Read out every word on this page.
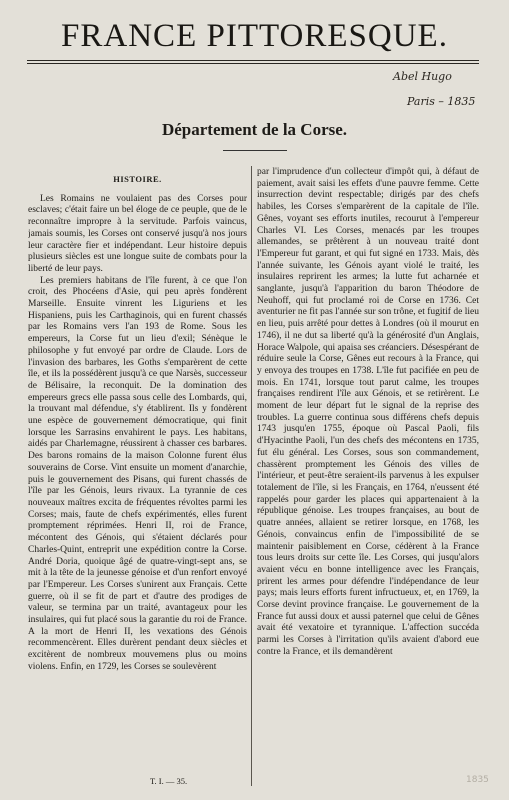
FRANCE PITTORESQUE.
Abel Hugo
Paris – 1835
Département de la Corse.
HISTOIRE.

Les Romains ne voulaient pas des Corses pour esclaves; c'était faire un bel éloge de ce peuple, que de le reconnaître impropre à la servitude. Parfois vaincus, jamais soumis, les Corses ont conservé jusqu'à nos jours leur caractère fier et indépendant. Leur histoire depuis plusieurs siècles est une longue suite de combats pour la liberté de leur pays.

Les premiers habitans de l'île furent, à ce que l'on croit, des Phocéens d'Asie, qui peu après fondèrent Marseille. Ensuite vinrent les Liguriens et les Hispaniens, puis les Carthaginois, qui en furent chassés par les Romains vers l'an 193 de Rome. Sous les empereurs, la Corse fut un lieu d'exil; Sénèque le philosophe y fut envoyé par ordre de Claude. Lors de l'invasion des barbares, les Goths s'emparèrent de cette île, et ils la possédèrent jusqu'à ce que Narsès, successeur de Bélisaire, la reconquit. De la domination des empereurs grecs elle passa sous celle des Lombards, qui, la trouvant mal défendue, s'y établirent. Ils y fondèrent une espèce de gouvernement démocratique, qui finit lorsque les Sarrasins envahirent le pays. Les habitans, aidés par Charlemagne, réussirent à chasser ces barbares. Des barons romains de la maison Colonne furent élus souverains de Corse. Vint ensuite un moment d'anarchie, puis le gouvernement des Pisans, qui furent chassés de l'île par les Génois, leurs rivaux. La tyrannie de ces nouveaux maîtres excita de fréquentes révoltes parmi les Corses; mais, faute de chefs expérimentés, elles furent promptement réprimées. Henri II, roi de France, mécontent des Génois, qui s'étaient déclarés pour Charles-Quint, entreprit une expédition contre la Corse. André Doria, quoique âgé de quatre-vingt-sept ans, se mit à la tête de la jeunesse génoise et d'un renfort envoyé par l'Empereur. Les Corses s'unirent aux Français. Cette guerre, où il se fit de part et d'autre des prodiges de valeur, se termina par un traité, avantageux pour les insulaires, qui fut placé sous la garantie du roi de France. A la mort de Henri II, les vexations des Génois recommencèrent. Elles durèrent pendant deux siècles et excitèrent de nombreux mouvemens plus ou moins violens. Enfin, en 1729, les Corses se soulevèrent

par l'imprudence d'un collecteur d'impôt qui, à défaut de paiement, avait saisi les effets d'une pauvre femme. Cette insurrection devint respectable; dirigés par des chefs habiles, les Corses s'emparèrent de la capitale de l'île. Gênes, voyant ses efforts inutiles, recourut à l'empereur Charles VI. Les Corses, menacés par les troupes allemandes, se prêtèrent à un nouveau traité dont l'Empereur fut garant, et qui fut signé en 1733. Mais, dès l'année suivante, les Génois ayant violé le traité, les insulaires reprirent les armes; la lutte fut acharnée et sanglante, jusqu'à l'apparition du baron Théodore de Neuhoff, qui fut proclamé roi de Corse en 1736. Cet aventurier ne fit pas l'année sur son trône, et fugitif de lieu en lieu, puis arrêté pour dettes à Londres (où il mourut en 1746), il ne dut sa liberté qu'à la générosité d'un Anglais, Horace Walpole, qui apaisa ses créanciers. Désespérant de réduire seule la Corse, Gênes eut recours à la France, qui y envoya des troupes en 1738. L'île fut pacifiée en peu de mois. En 1741, lorsque tout parut calme, les troupes françaises rendirent l'île aux Génois, et se retirèrent. Le moment de leur départ fut le signal de la reprise des troubles. La guerre continua sous différens chefs depuis 1743 jusqu'en 1755, époque où Pascal Paoli, fils d'Hyacinthe Paoli, l'un des chefs des mécontens en 1735, fut élu général. Les Corses, sous son commandement, chassèrent promptement les Génois des villes de l'intérieur, et peut-être seraient-ils parvenus à les expulser totalement de l'île, si les Français, en 1764, n'eussent été rappelés pour garder les places qui appartenaient à la république génoise. Les troupes françaises, au bout de quatre années, allaient se retirer lorsque, en 1768, les Génois, convaincus enfin de l'impossibilité de se maintenir paisiblement en Corse, cédèrent à la France tous leurs droits sur cette île. Les Corses, qui jusqu'alors avaient vécu en bonne intelligence avec les Français, prirent les armes pour défendre l'indépendance de leur pays; mais leurs efforts furent infructueux, et, en 1769, la Corse devint province française. Le gouvernement de la France fut aussi doux et aussi paternel que celui de Gênes avait été vexatoire et tyrannique. L'affection succéda parmi les Corses à l'irritation qu'ils avaient d'abord eue contre la France, et ils demandèrent

T. I. — 35.	1835
